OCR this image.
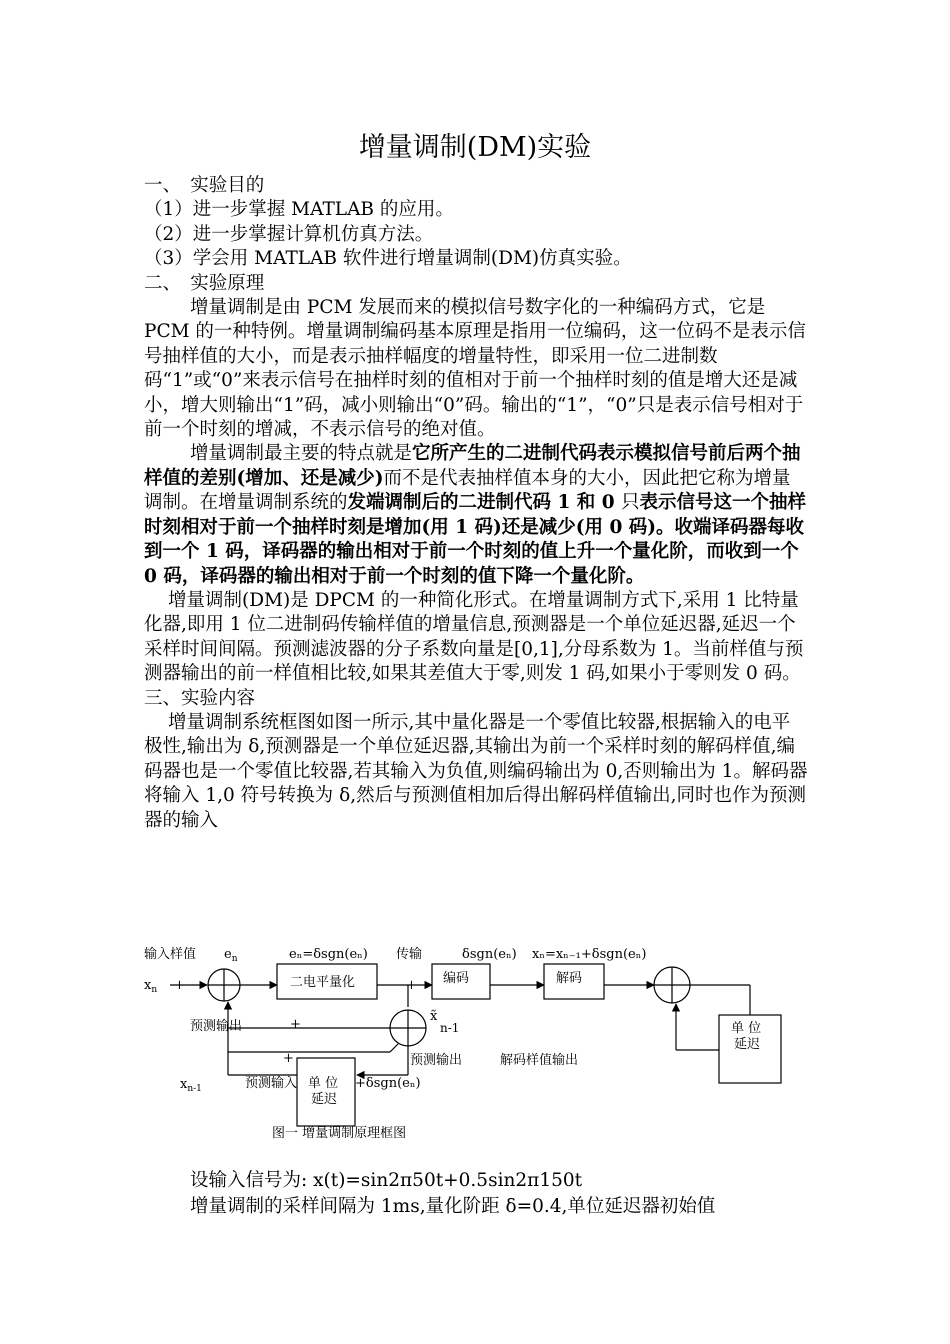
增量调制(DM)实验

一、　实验目的

（1）进一步掌握 MATLAB 的应用。

（2）进一步掌握计算机仿真方法。

（3）学会用 MATLAB 软件进行增量调制(DM)仿真实验。

二、　实验原理

增量调制是由 PCM 发展而来的模拟信号数字化的一种编码方式，它是 PCM 的一种特例。增量调制编码基本原理是指用一位编码，这一位码不是表示信号抽样值的大小，而是表示抽样幅度的增量特性，即采用一位二进制数码“1”或“0”来表示信号在抽样时刻的值相对于前一个抽样时刻的值是增大还是减小，增大则输出“1”码，减小则输出“0”码。输出的“1”，“0”只是表示信号相对于前一个时刻的增减，不表示信号的绝对值。

增量调制最主要的特点就是它所产生的二进制代码表示模拟信号前后两个抽样值的差别(增加、还是减少)而不是代表抽样值本身的大小，因此把它称为增量调制。在增量调制系统的发端调制后的二进制代码 1 和 0 只表示信号这一个抽样时刻相对于前一个抽样时刻是增加(用 1 码)还是减少(用 0 码)。收端译码器每收到一个 1 码，译码器的输出相对于前一个时刻的值上升一个量化阶，而收到一个 0 码，译码器的输出相对于前一个时刻的值下降一个量化阶。

增量调制(DM)是 DPCM 的一种简化形式。在增量调制方式下,采用 1 比特量化器,即用 1 位二进制码传输样值的增量信息,预测器是一个单位延迟器,延迟一个采样时间间隔。预测滤波器的分子系数向量是[0,1],分母系数为 1。当前样值与预测器输出的前一样值相比较,如果其差值大于零,则发 1 码,如果小于零则发 0 码。

三、实验内容

增量调制系统框图如图一所示,其中量化器是一个零值比较器,根据输入的电平极性,输出为 δ,预测器是一个单位延迟器,其输出为前一个采样时刻的解码样值,编码器也是一个零值比较器,若其输入为负值,则编码输出为 0,否则输出为 1。解码器将输入 1,0 符号转换为 δ,然后与预测值相加后得出解码样值输出,同时也作为预测器的输入

输入样值 $e_n$	eₙ=δsgn(eₙ) 传输	δsgn(eₙ) xₙ=xₙ₋₁+δsgn(eₙ)
$x_n$ +	二电平量化	编码	解码
+
预测输出	+
+
x̃
n-1
预测输出	解码样值输出
$x_{n-1}$	预测输入	+δsgn(eₙ)
单 位
延迟
单 位
延迟
图一 增量调制原理框图

设输入信号为: x(t)=sin2π50t+0.5sin2π150t

增量调制的采样间隔为 1ms,量化阶距 δ=0.4,单位延迟器初始值
